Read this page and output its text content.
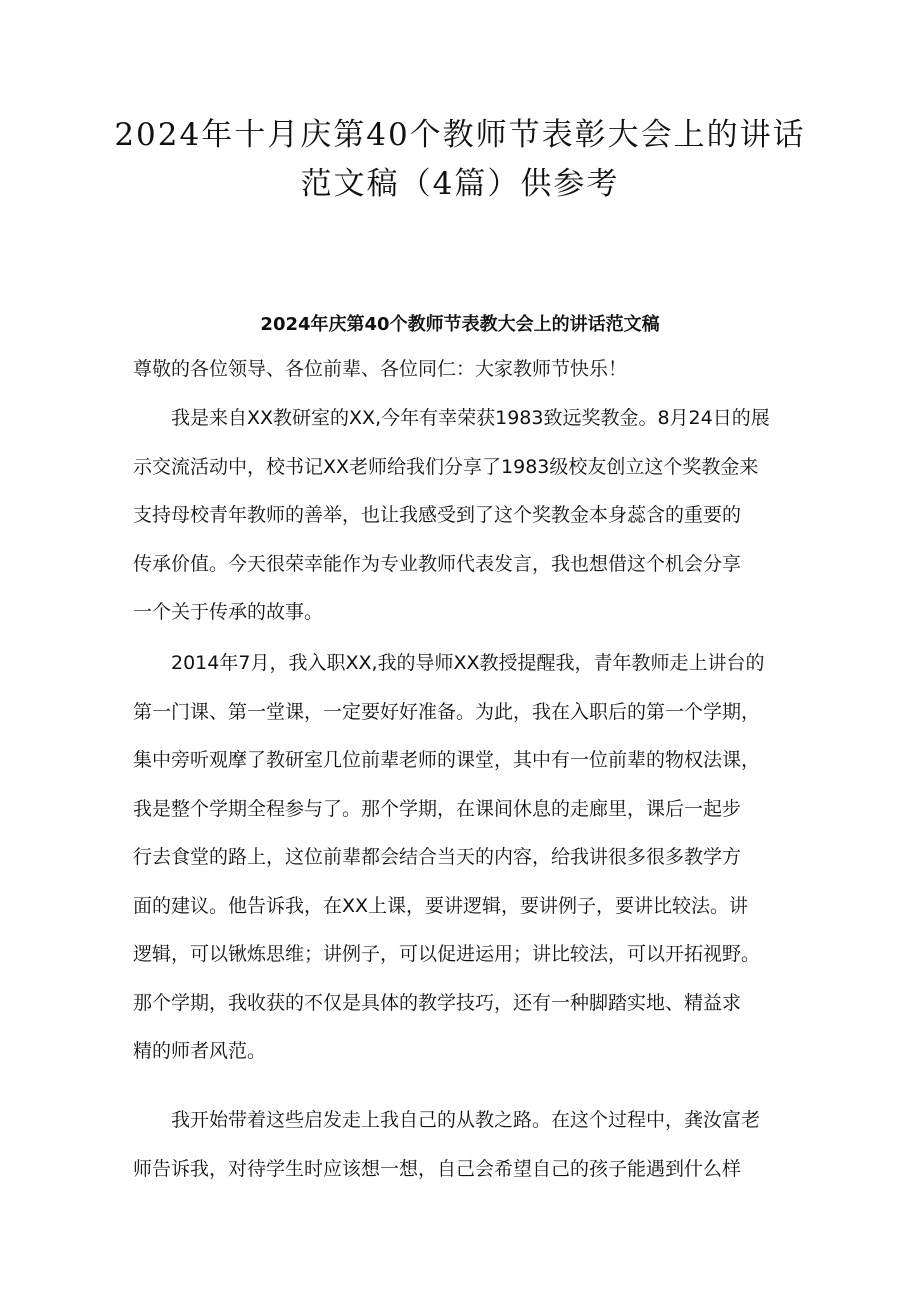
2024年十月庆第40个教师节表彰大会上的讲话
范文稿（4篇）供参考
2024年庆第40个教师节表教大会上的讲话范文稿

尊敬的各位领导、各位前辈、各位同仁：大家教师节快乐！

我是来自XX教研室的XX,今年有幸荣获1983致远奖教金。8月24日的展
示交流活动中，校书记XX老师给我们分享了1983级校友创立这个奖教金来
支持母校青年教师的善举，也让我感受到了这个奖教金本身蕊含的重要的
传承价值。今天很荣幸能作为专业教师代表发言，我也想借这个机会分享
一个关于传承的故事。
2014年7月，我入职XX,我的导师XX教授提醒我，青年教师走上讲台的
第一门课、第一堂课，一定要好好准备。为此，我在入职后的第一个学期，
集中旁听观摩了教研室几位前辈老师的课堂，其中有一位前辈的物权法课，
我是整个学期全程参与了。那个学期，在课间休息的走廊里，课后一起步
行去食堂的路上，这位前辈都会结合当天的内容，给我讲很多很多教学方
面的建议。他告诉我，在XX上课，要讲逻辑，要讲例子，要讲比较法。讲
逻辑，可以锹炼思维；讲例子，可以促进运用；讲比较法，可以开拓视野。
那个学期，我收获的不仅是具体的教学技巧，还有一种脚踏实地、精益求
精的师者风范。
我开始带着这些启发走上我自己的从教之路。在这个过程中，龚汝富老
师告诉我，对待学生时应该想一想，自己会希望自己的孩子能遇到什么样
